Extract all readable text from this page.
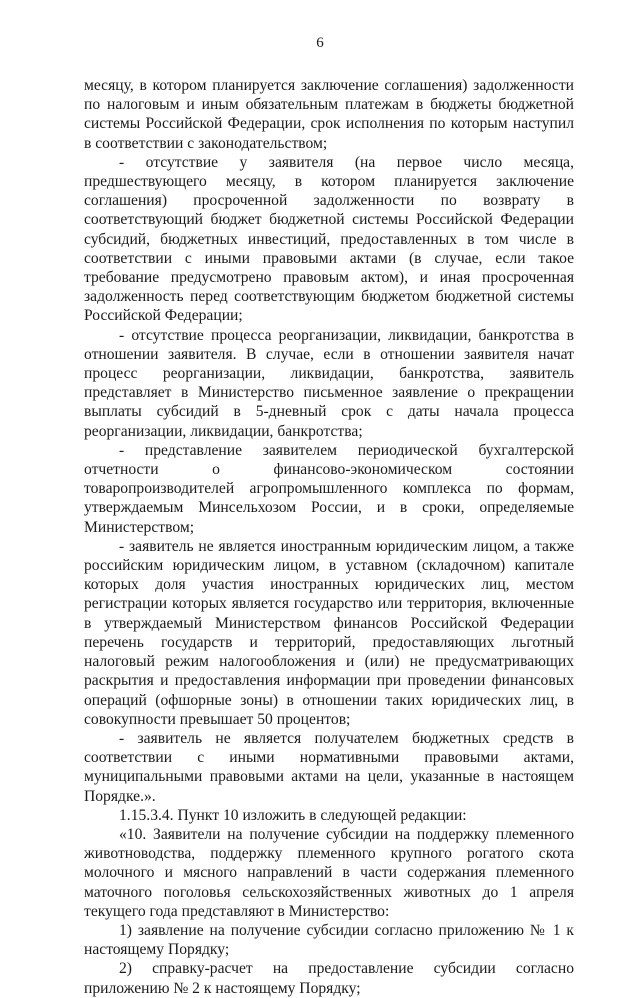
6

месяцу, в котором планируется заключение соглашения) задолженности по налоговым и иным обязательным платежам в бюджеты бюджетной системы Российской Федерации, срок исполнения по которым наступил в соответствии с законодательством;

- отсутствие у заявителя (на первое число месяца, предшествующего месяцу, в котором планируется заключение соглашения) просроченной задолженности по возврату в соответствующий бюджет бюджетной системы Российской Федерации субсидий, бюджетных инвестиций, предоставленных в том числе в соответствии с иными правовыми актами (в случае, если такое требование предусмотрено правовым актом), и иная просроченная задолженность перед соответствующим бюджетом бюджетной системы Российской Федерации;

- отсутствие процесса реорганизации, ликвидации, банкротства в отношении заявителя. В случае, если в отношении заявителя начат процесс реорганизации, ликвидации, банкротства, заявитель представляет в Министерство письменное заявление о прекращении выплаты субсидий в 5-дневный срок с даты начала процесса реорганизации, ликвидации, банкротства;

- представление заявителем периодической бухгалтерской отчетности о финансово-экономическом состоянии товаропроизводителей агропромышленного комплекса по формам, утверждаемым Минсельхозом России, и в сроки, определяемые Министерством;

- заявитель не является иностранным юридическим лицом, а также российским юридическим лицом, в уставном (складочном) капитале которых доля участия иностранных юридических лиц, местом регистрации которых является государство или территория, включенные в утверждаемый Министерством финансов Российской Федерации перечень государств и территорий, предоставляющих льготный налоговый режим налогообложения и (или) не предусматривающих раскрытия и предоставления информации при проведении финансовых операций (офшорные зоны) в отношении таких юридических лиц, в совокупности превышает 50 процентов;

- заявитель не является получателем бюджетных средств в соответствии с иными нормативными правовыми актами, муниципальными правовыми актами на цели, указанные в настоящем Порядке.».

1.15.3.4. Пункт 10 изложить в следующей редакции:

«10. Заявители на получение субсидии на поддержку племенного животноводства, поддержку племенного крупного рогатого скота молочного и мясного направлений в части содержания племенного маточного поголовья сельскохозяйственных животных до 1 апреля текущего года представляют в Министерство:

1) заявление на получение субсидии согласно приложению № 1 к настоящему Порядку;

2) справку-расчет на предоставление субсидии согласно приложению № 2 к настоящему Порядку;
